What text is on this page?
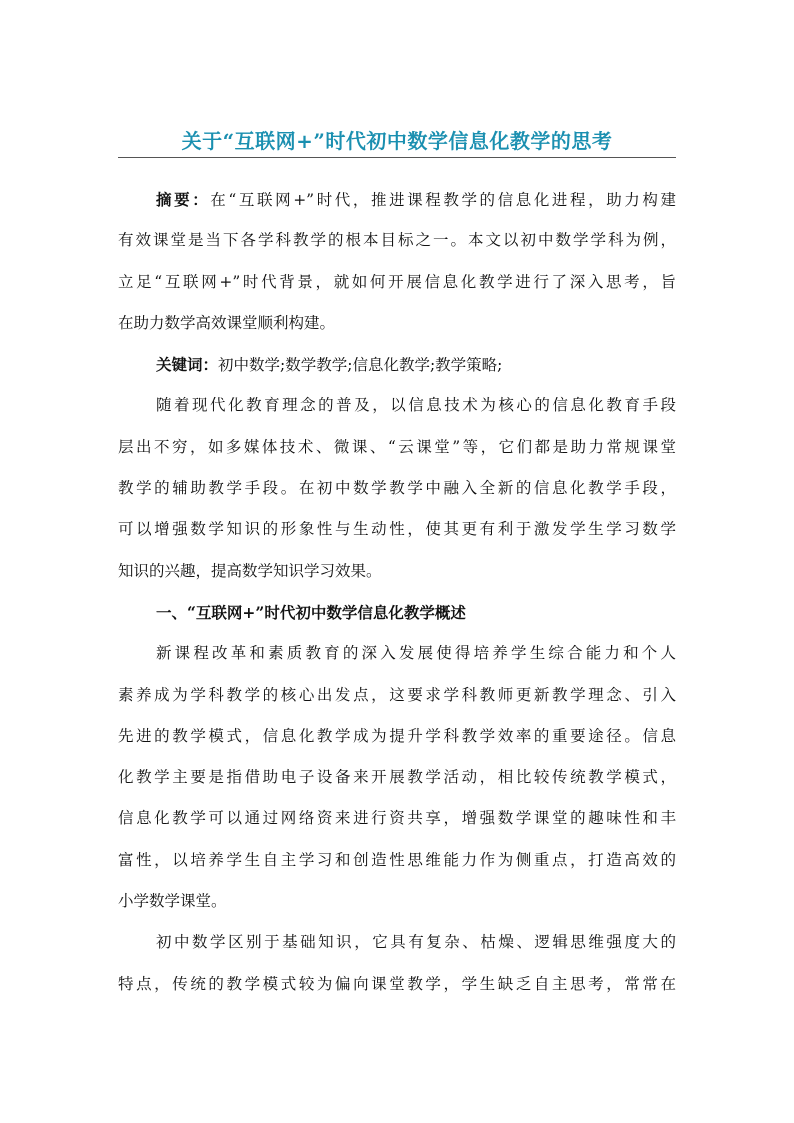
关于“互联网+”时代初中数学信息化教学的思考
摘要：在“互联网+”时代，推进课程教学的信息化进程，助力构建
有效课堂是当下各学科教学的根本目标之一。本文以初中数学学科为例，
立足“互联网+”时代背景，就如何开展信息化教学进行了深入思考，旨
在助力数学高效课堂顺利构建。
关键词：初中数学;数学教学;信息化教学;教学策略;
随着现代化教育理念的普及，以信息技术为核心的信息化教育手段
层出不穷，如多媒体技术、微课、“云课堂”等，它们都是助力常规课堂
教学的辅助教学手段。在初中数学教学中融入全新的信息化教学手段，
可以增强数学知识的形象性与生动性，使其更有利于激发学生学习数学
知识的兴趣，提高数学知识学习效果。
一、“互联网+”时代初中数学信息化教学概述
新课程改革和素质教育的深入发展使得培养学生综合能力和个人
素养成为学科教学的核心出发点，这要求学科教师更新教学理念、引入
先进的教学模式，信息化教学成为提升学科教学效率的重要途径。信息
化教学主要是指借助电子设备来开展教学活动，相比较传统教学模式，
信息化教学可以通过网络资来进行资共享，增强数学课堂的趣味性和丰
富性，以培养学生自主学习和创造性思维能力作为侧重点，打造高效的
小学数学课堂。
初中数学区别于基础知识，它具有复杂、枯燥、逻辑思维强度大的
特点，传统的教学模式较为偏向课堂教学，学生缺乏自主思考，常常在
